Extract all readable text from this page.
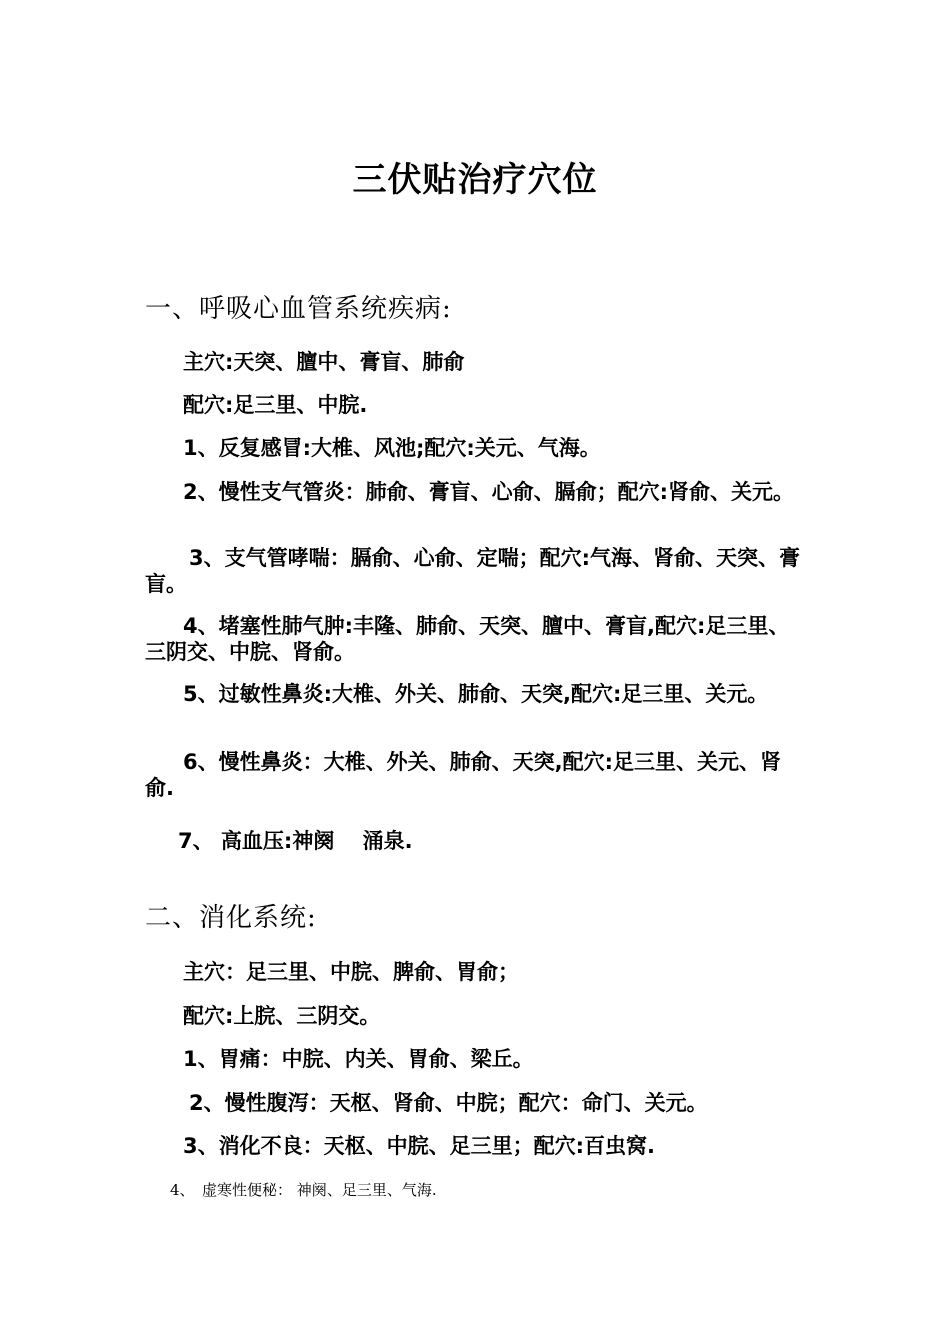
三伏贴治疗穴位
一、呼吸心血管系统疾病:
主穴:天突、膻中、膏盲、肺俞
配穴:足三里、中脘.
1、反复感冒:大椎、风池;配穴:关元、气海。
2、慢性支气管炎：肺俞、膏盲、心俞、膈俞；配穴:肾俞、关元。
3、支气管哮喘：膈俞、心俞、定喘；配穴:气海、肾俞、天突、膏盲。
4、堵塞性肺气肿:丰隆、肺俞、天突、膻中、膏盲,配穴:足三里、三阴交、中脘、肾俞。
5、过敏性鼻炎:大椎、外关、肺俞、天突,配穴:足三里、关元。
6、慢性鼻炎：大椎、外关、肺俞、天突,配穴:足三里、关元、肾俞.
7、 高血压:神阕　 涌泉.
二、消化系统:
主穴：足三里、中脘、脾俞、胃俞；
配穴:上脘、三阴交。
1、胃痛：中脘、内关、胃俞、梁丘。
2、慢性腹泻：天枢、肾俞、中脘；配穴：命门、关元。
3、消化不良：天枢、中脘、足三里；配穴:百虫窝.
4、　虚寒性便秘： 神阕、足三里、气海.
